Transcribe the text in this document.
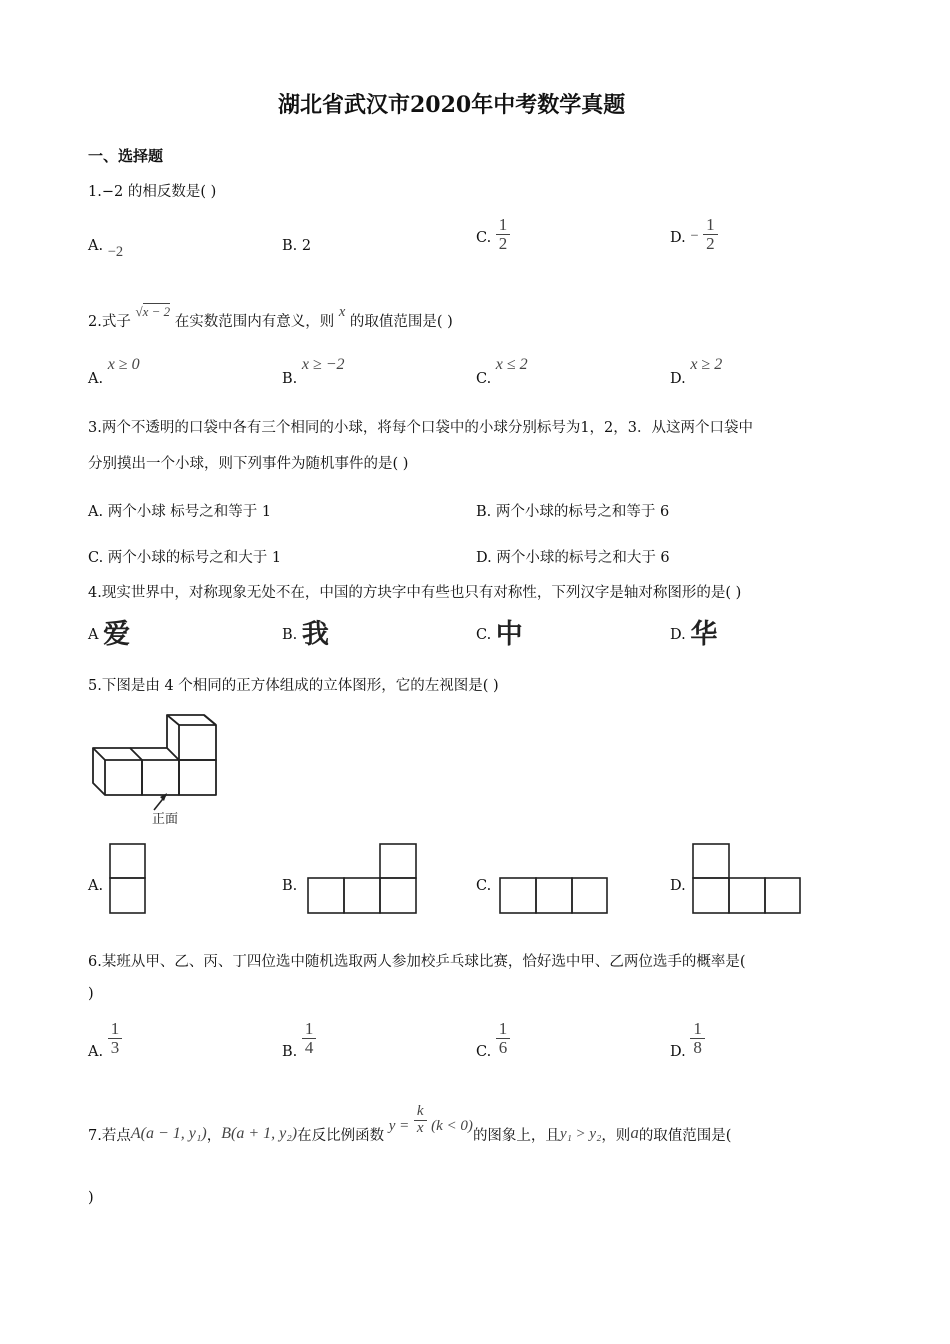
湖北省武汉市2020年中考数学真题
一、选择题
1.−2 的相反数是( )
A. −2	B. 2	C. $\frac{1}{2}$	D. − $\frac{1}{2}$
2.式子 √x − 2 在实数范围内有意义，则 x 的取值范围是( )
A. x ≥ 0
B. x ≥ −2
C. x ≤ 2
D. x ≥ 2
3.两个不透明的口袋中各有三个相同的小球，将每个口袋中的小球分别标号为1，2，3．从这两个口袋中
分别摸出一个小球，则下列事件为随机事件的是( )
A. 两个小球 标号之和等于 1	B. 两个小球的标号之和等于 6
C. 两个小球的标号之和大于 1	D. 两个小球的标号之和大于 6
4.现实世界中，对称现象无处不在，中国的方块字中有些也只有对称性，下列汉字是轴对称图形的是( )
A 爱	B. 我	C. 中	D. 华
5.下图是由 4 个相同的正方体组成的立体图形，它的左视图是( )
正面
A.	B.	C.	D.
6.某班从甲、乙、丙、丁四位选中随机选取两人参加校乒乓球比赛，恰好选中甲、乙两位选手的概率是(
)
A. $\frac{1}{3}$	B. $\frac{1}{4}$	C. $\frac{1}{6}$	D. $\frac{1}{8}$
7.若点A(a − 1, y₁)，B(a + 1, y₂)在反比例函数 $y = \frac{k}{x} (k < 0)$的图象上，且y₁ > y₂，则a的取值范围是(
)
